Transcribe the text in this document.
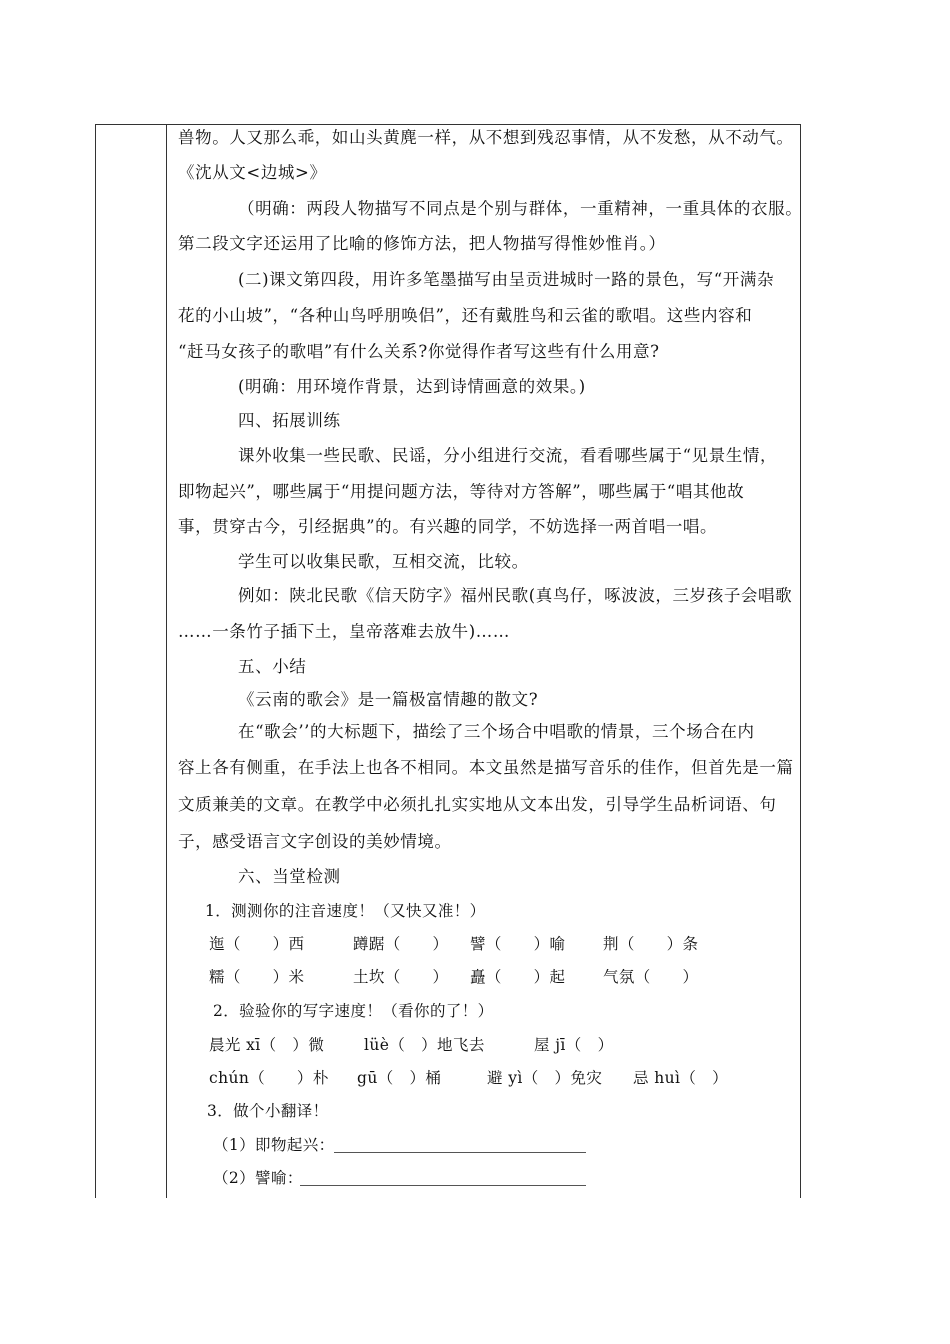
兽物。人又那么乖，如山头黄麂一样，从不想到残忍事情，从不发愁，从不动气。
《沈从文<边城>》
（明确：两段人物描写不同点是个别与群体，一重精神，一重具体的衣服。
第二段文字还运用了比喻的修饰方法，把人物描写得惟妙惟肖。）
(二)课文第四段，用许多笔墨描写由呈贡进城时一路的景色，写“开满杂
花的小山坡”，“各种山鸟呼朋唤侣”，还有戴胜鸟和云雀的歌唱。这些内容和
“赶马女孩子的歌唱”有什么关系?你觉得作者写这些有什么用意?
(明确：用环境作背景，达到诗情画意的效果。)
四、拓展训练
课外收集一些民歌、民谣，分小组进行交流，看看哪些属于“见景生情，
即物起兴”，哪些属于“用提问题方法，等待对方答解”，哪些属于“唱其他故
事，贯穿古今，引经据典”的。有兴趣的同学，不妨选择一两首唱一唱。
学生可以收集民歌，互相交流，比较。
例如：陕北民歌《信天防字》福州民歌(真鸟仔，啄波波，三岁孩子会唱歌
……一条竹子插下土，皇帝落难去放牛)……
五、小结
《云南的歌会》是一篇极富情趣的散文?
在“歌会’’的大标题下，描绘了三个场合中唱歌的情景，三个场合在内
容上各有侧重，在手法上也各不相同。本文虽然是描写音乐的佳作，但首先是一篇
文质兼美的文章。在教学中必须扎扎实实地从文本出发，引导学生品析词语、句
子，感受语言文字创设的美妙情境。
六、当堂检测
1．测测你的注音速度！（又快又准！）
迤（　　）西	蹲踞（　　） 譬（　　）喻 荆（　　）条
糯（　　）米	土坎（　　） 矗（　　）起 气氛（　　）
2．验验你的写字速度！（看你的了！）
晨光 xī（　）微	lüè（　）地飞去	屋 jī（　）
chún（　　）朴 gū（　）桶	避 yì（　）免灾 忌 huì（　）
3．做个小翻译！
（1）即物起兴：
（2）譬喻：
